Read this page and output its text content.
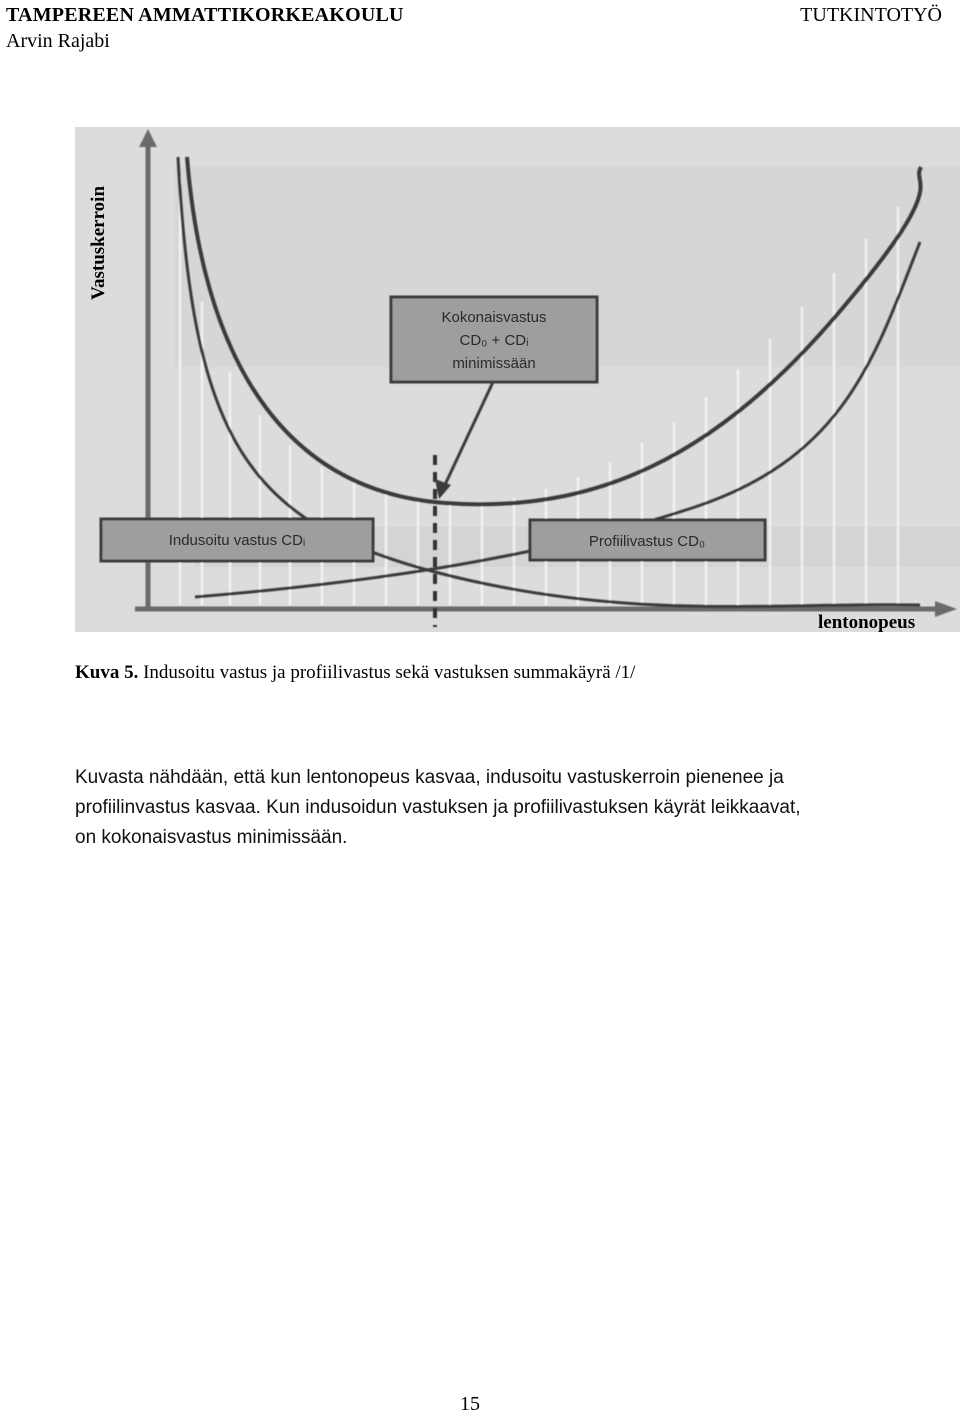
TAMPEREEN AMMATTIKORKEAKOULU
Arvin Rajabi
TUTKINTOTYÖ
Kokonaisvastus
CD₀ + CDᵢ
minimissään
Indusoitu vastus CDᵢ	Profiilivastus CD₀
Vastuskerroin
lentonopeus
Kuva 5. Indusoitu vastus ja profiilivastus sekä vastuksen summakäyrä /1/
Kuvasta nähdään, että kun lentonopeus kasvaa, indusoitu vastuskerroin pienenee ja
profiilinvastus kasvaa. Kun indusoidun vastuksen ja profiilivastuksen käyrät leikkaavat,
on kokonaisvastus minimissään.
15
